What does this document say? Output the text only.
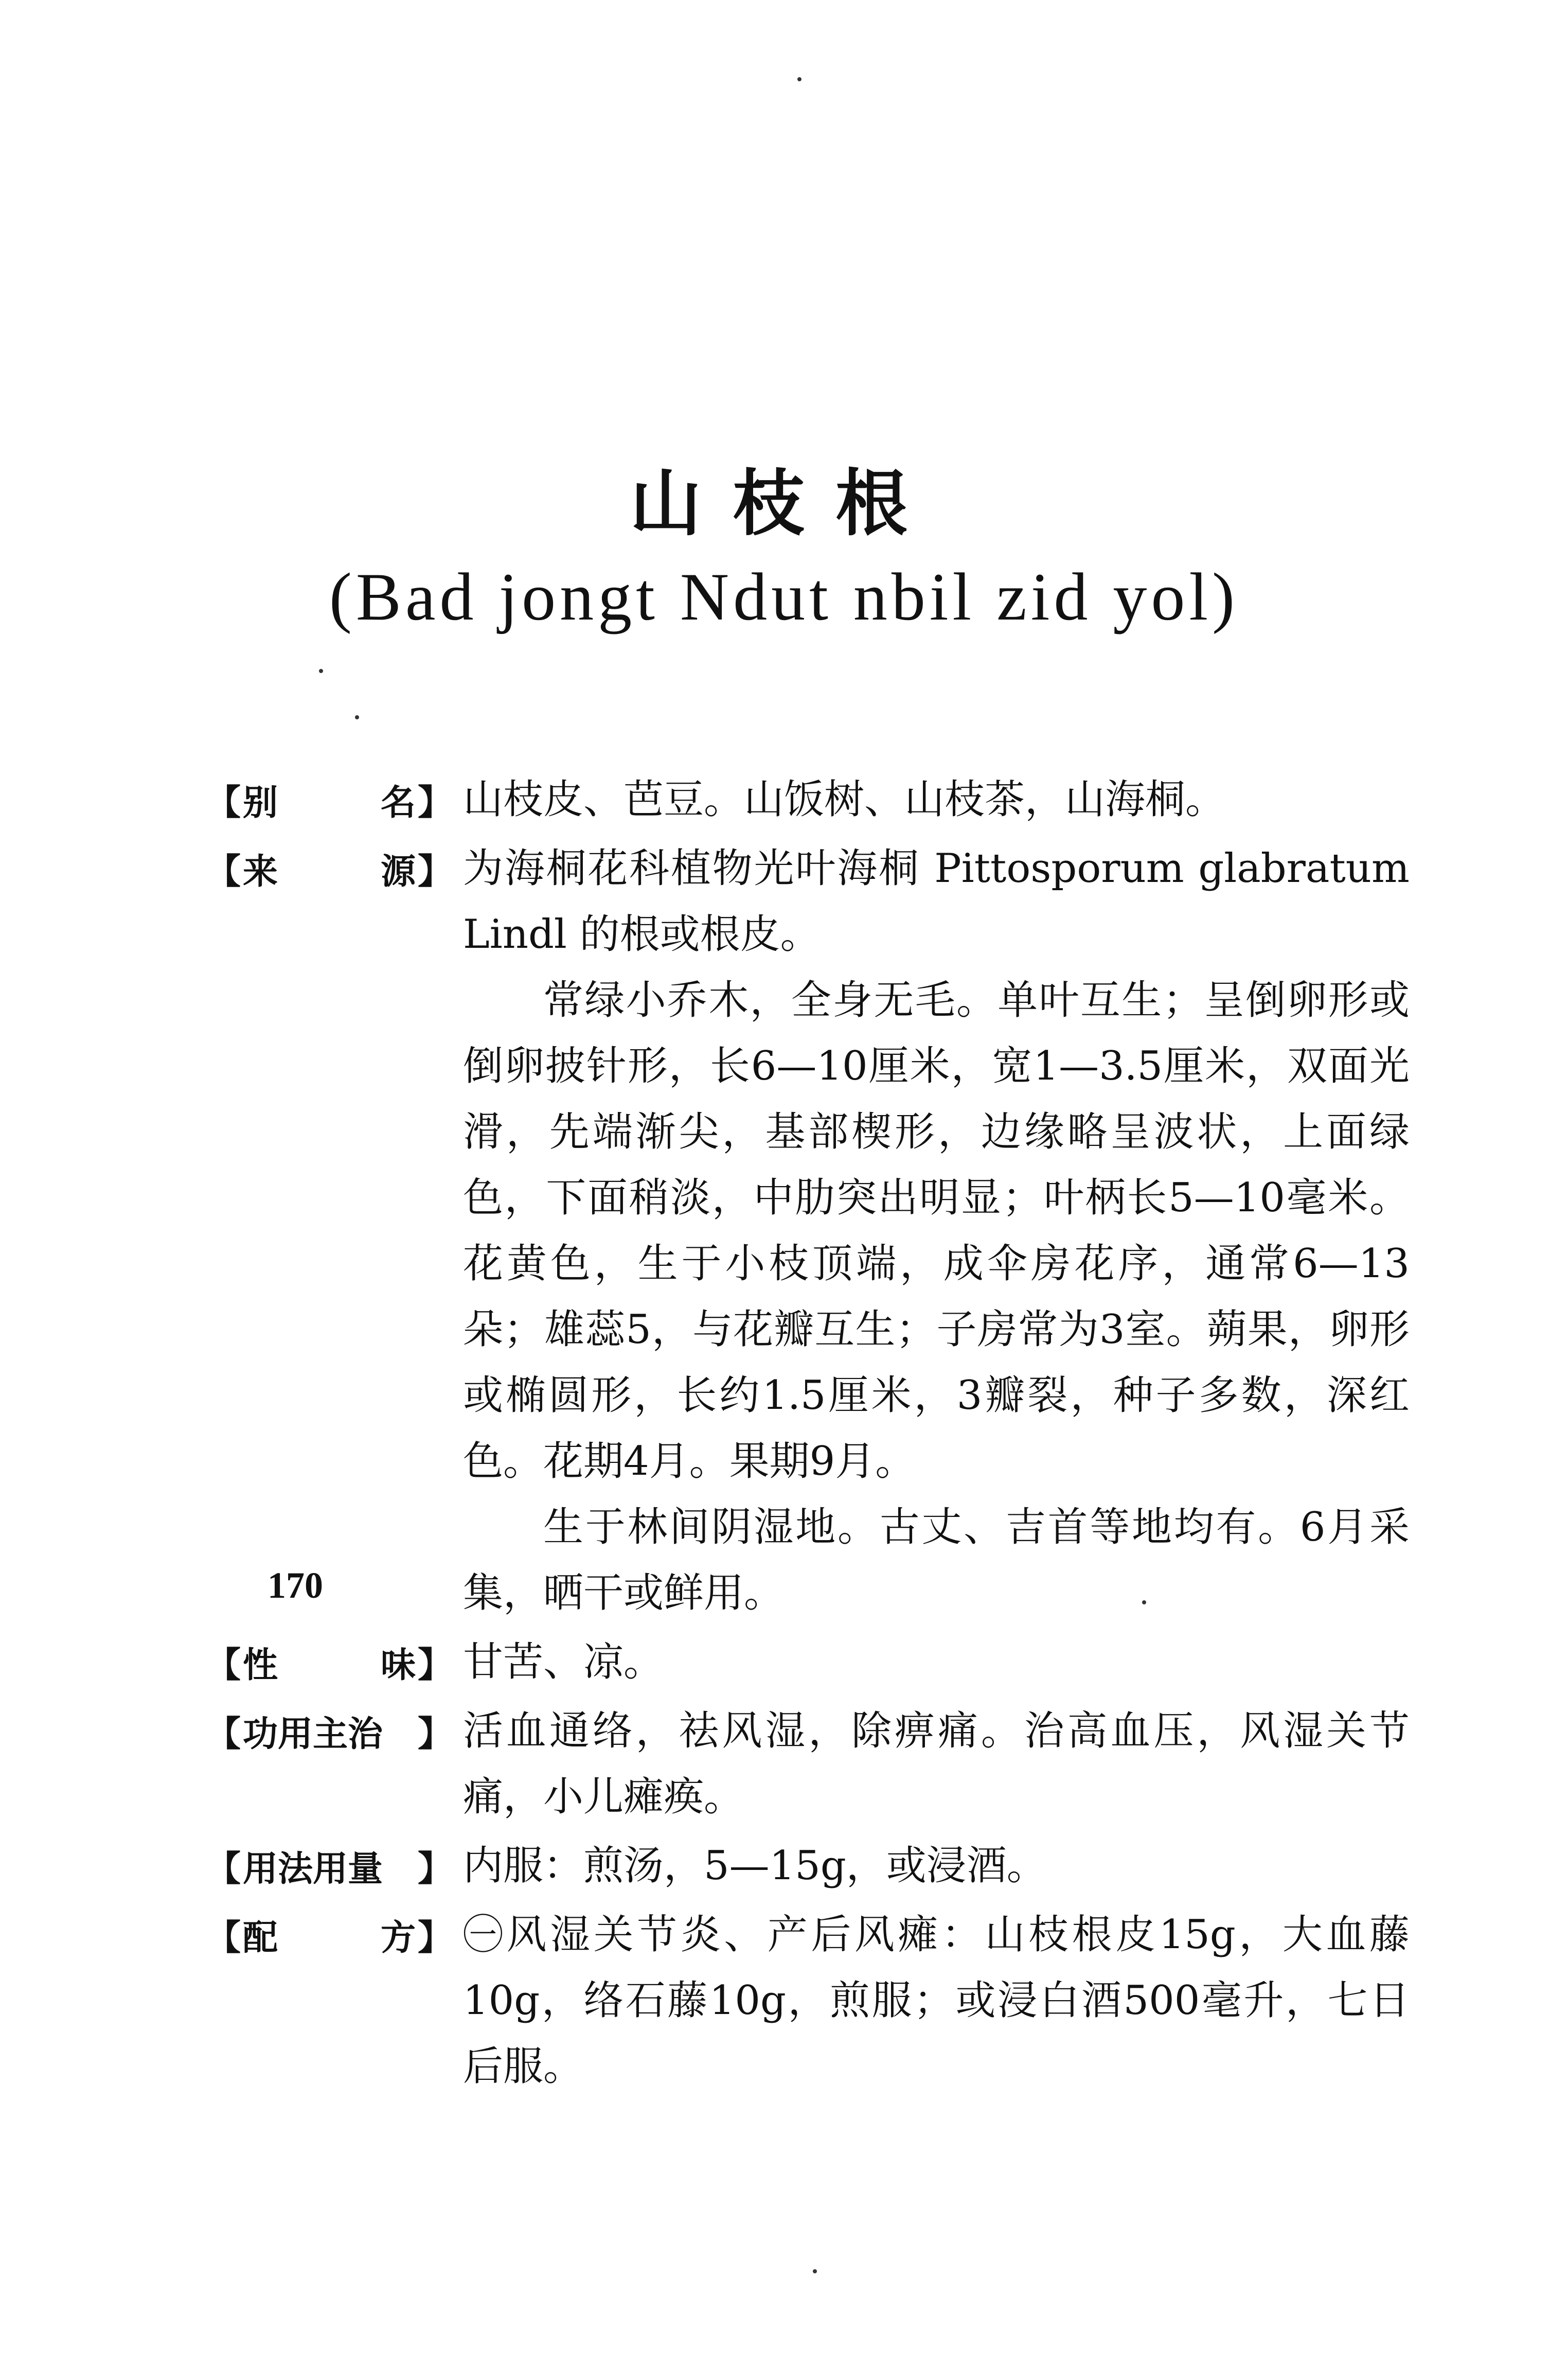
山枝根
(Bad jongt Ndut nbil zid yol)
【 别	名 】 山枝皮、芭豆。山饭树、山枝茶，山海桐。

【 来	源 】 为海桐花科植物光叶海桐 Pittosporum glabratum Lindl 的根或根皮。

常绿小乔木，全身无毛。单叶互生；呈倒卵形或倒卵披针形，长6—10厘米，宽1—3.5厘米，双面光滑，先端渐尖，基部楔形，边缘略呈波状，上面绿色，下面稍淡，中肋突出明显；叶柄长5—10毫米。花黄色，生于小枝顶端，成伞房花序，通常6—13朵；雄蕊5，与花瓣互生；子房常为3室。蒴果，卵形或椭圆形，长约1.5厘米，3瓣裂，种子多数，深红色。花期4月。果期9月。

生于林间阴湿地。古丈、吉首等地均有。6月采集，晒干或鲜用。

【 性	味 】 甘苦、凉。

【 功用主治 】 活血通络，祛风湿，除痹痛。治高血压，风湿关节痛，小儿瘫痪。

【 用法用量 】 内服：煎汤，5—15g，或浸酒。

【 配	方 】 ㊀风湿关节炎、产后风瘫：山枝根皮15g，大血藤10g，络石藤10g，煎服；或浸白酒500毫升，七日后服。

170
